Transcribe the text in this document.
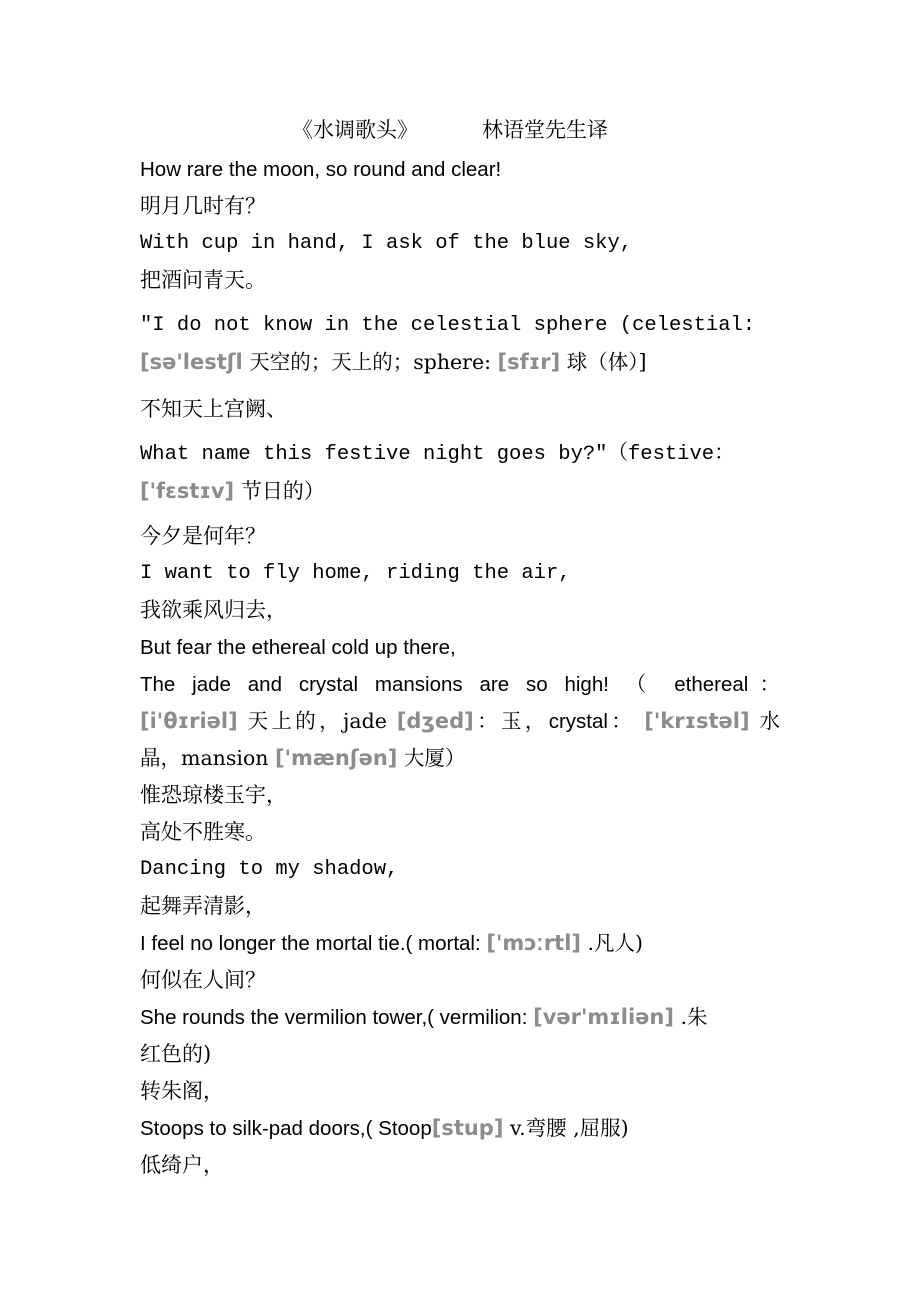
《水调歌头》	林语堂先生译

How rare the moon, so round and clear!

明月几时有？

With cup in hand, I ask of the blue sky,

把酒问青天。

"I do not know in the celestial sphere (celestial:

[sə'lestʃl 天空的；天上的；sphere: [sfɪr] 球（体）]

不知天上宫阙、

What name this festive night goes by?"（festive：

['fɛstɪv] 节日的）

今夕是何年？

I want to fly home, riding the air,

我欲乘风归去，

But fear the ethereal cold up there,

The jade and crystal mansions are so high! （ ethereal：

[i'θɪriəl] 天上的，jade [dʒed]：玉，crystal： ['krɪstəl] 水

晶，mansion ['mænʃən] 大厦）

惟恐琼楼玉宇，

高处不胜寒。

Dancing to my shadow,

起舞弄清影，

I feel no longer the mortal tie.( mortal: ['mɔːrtl] .凡人)

何似在人间？

She rounds the vermilion tower,( vermilion: [vər'mɪliən] .朱

红色的)

转朱阁，

Stoops to silk-pad doors,( Stoop[stup] v.弯腰 ,屈服)

低绮户，
